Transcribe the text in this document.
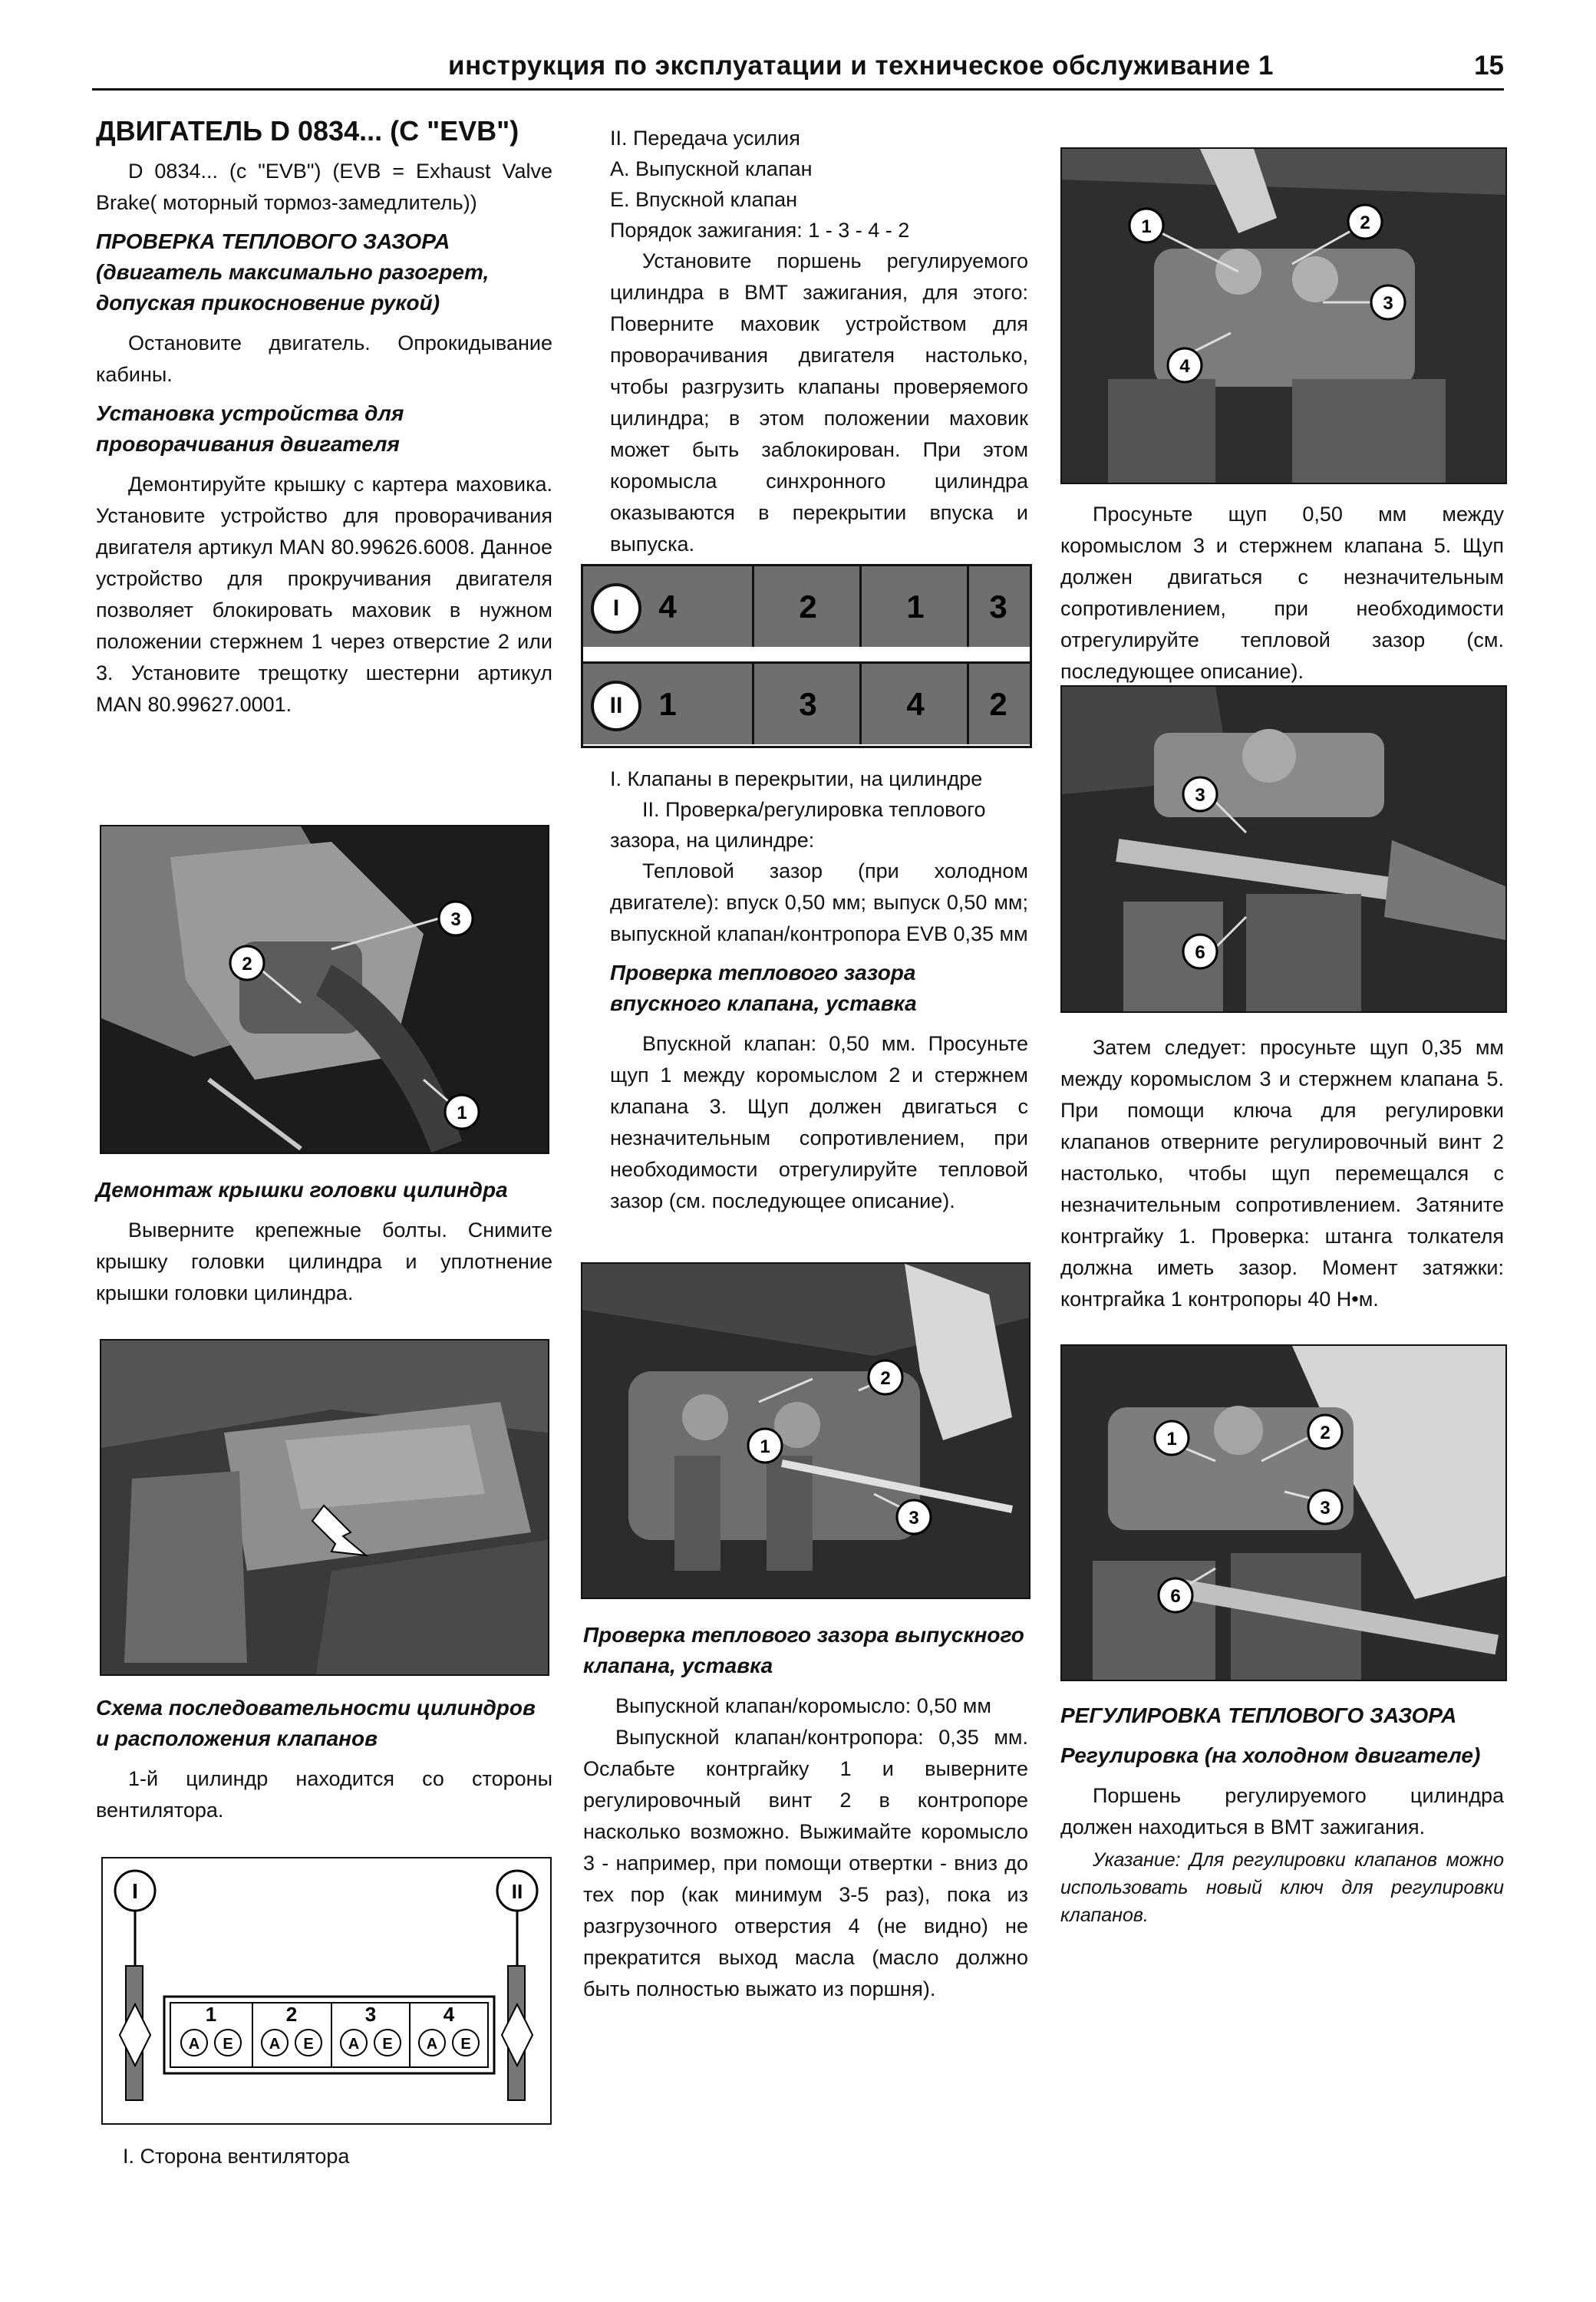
инструкция по эксплуатации и техническое обслуживание 1	15
ДВИГАТЕЛЬ D 0834... (С "EVB")

D 0834... (с "EVB") (EVB = Exhaust Valve Brake( моторный тормоз-замедлитель))

ПРОВЕРКА ТЕПЛОВОГО ЗАЗОРА (двигатель максимально разогрет, допуская прикосновение рукой)

Остановите двигатель. Опрокидывание кабины.

Установка устройства для проворачивания двигателя

Демонтируйте крышку с картера маховика. Установите устройство для проворачивания двигателя артикул MAN 80.99626.6008. Данное устройство для прокручивания двигателя позволяет блокировать маховик в нужном положении стержнем 1 через отверстие 2 или 3. Установите трещотку шестерни артикул MAN 80.99627.0001.

3
2
1
Демонтаж крышки головки цилиндра

Выверните крепежные болты. Снимите крышку головки цилиндра и уплотнение крышки головки цилиндра.

Схема последовательности цилиндров и расположения клапанов

1-й цилиндр находится со стороны вентилятора.

I	II
1
A E
2
A E
3
A E
4
A E

I. Сторона вентилятора

II. Передача усилия
A. Выпускной клапан
E. Впускной клапан
Порядок зажигания: 1 - 3 - 4 - 2

Установите поршень регулируемого цилиндра в ВМТ зажигания, для этого: Поверните маховик устройством для проворачивания двигателя настолько, чтобы разгрузить клапаны проверяемого цилиндра; в этом положении маховик может быть заблокирован. При этом коромысла синхронного цилиндра оказываются в перекрытии впуска и выпуска.

I	4	2	1	3
II	1	3	4	2
I. Клапаны в перекрытии, на цилиндре
II. Проверка/регулировка теплового зазора, на цилиндре:

Тепловой зазор (при холодном двигателе): впуск 0,50 мм; выпуск 0,50 мм; выпускной клапан/контропора EVB 0,35 мм

Проверка теплового зазора впускного клапана, уставка

Впускной клапан: 0,50 мм. Просуньте щуп 1 между коромыслом 2 и стержнем клапана 3. Щуп должен двигаться с незначительным сопротивлением, при необходимости отрегулируйте тепловой зазор (см. последующее описание).

1
2
3
Проверка теплового зазора выпускного клапана, уставка

Выпускной клапан/коромысло: 0,50 мм

Выпускной клапан/контропора: 0,35 мм. Ослабьте контргайку 1 и выверните регулировочный винт 2 в контропоре насколько возможно. Выжимайте коромысло 3 - например, при помощи отвертки - вниз до тех пор (как минимум 3-5 раз), пока из разгрузочного отверстия 4 (не видно) не прекратится выход масла (масло должно быть полностью выжато из поршня).

1	2
3
4

Просуньте щуп 0,50 мм между коромыслом 3 и стержнем клапана 5. Щуп должен двигаться с незначительным сопротивлением, при необходимости отрегулируйте тепловой зазор (см. последующее описание).

3
6

Затем следует: просуньте щуп 0,35 мм между коромыслом 3 и стержнем клапана 5. При помощи ключа для регулировки клапанов отверните регулировочный винт 2 настолько, чтобы щуп перемещался с незначительным сопротивлением. Затяните контргайку 1. Проверка: штанга толкателя должна иметь зазор. Момент затяжки: контргайка 1 контропоры 40 Н•м.

1	2
3
6
РЕГУЛИРОВКА ТЕПЛОВОГО ЗАЗОРА
Регулировка (на холодном двигателе)

Поршень регулируемого цилиндра должен находиться в ВМТ зажигания.

Указание: Для регулировки клапанов можно использовать новый ключ для регулировки клапанов.
